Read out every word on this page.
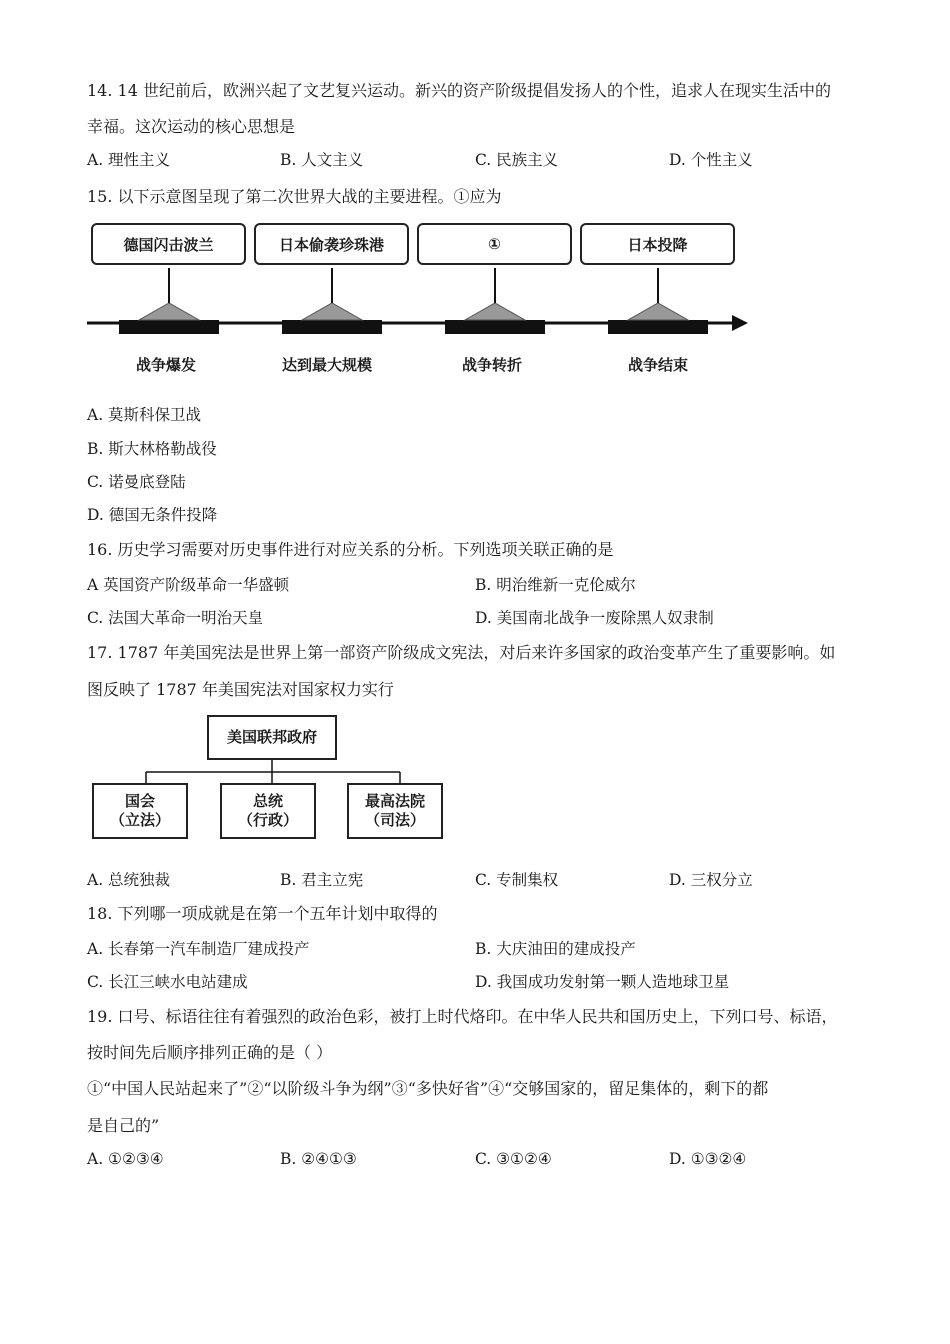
14. 14 世纪前后，欧洲兴起了文艺复兴运动。新兴的资产阶级提倡发扬人的个性，追求人在现实生活中的
幸福。这次运动的核心思想是
A. 理性主义	B. 人文主义	C. 民族主义	D. 个性主义
15. 以下示意图呈现了第二次世界大战的主要进程。①应为
德国闪击波兰	日本偷袭珍珠港	①	日本投降
战争爆发	达到最大规模	战争转折	战争结束
A. 莫斯科保卫战
B. 斯大林格勒战役
C. 诺曼底登陆
D. 德国无条件投降
16. 历史学习需要对历史事件进行对应关系的分析。下列选项关联正确的是
A 英国资产阶级革命一华盛顿	B. 明治维新一克伦威尔
C. 法国大革命一明治天皇	D. 美国南北战争一废除黑人奴隶制
17. 1787 年美国宪法是世界上第一部资产阶级成文宪法，对后来许多国家的政治变革产生了重要影响。如
图反映了 1787 年美国宪法对国家权力实行
美国联邦政府
国会
（立法）
总统
（行政）
最高法院
（司法）
A. 总统独裁	B. 君主立宪	C. 专制集权	D. 三权分立
18. 下列哪一项成就是在第一个五年计划中取得的
A. 长春第一汽车制造厂建成投产	B. 大庆油田的建成投产
C. 长江三峡水电站建成	D. 我国成功发射第一颗人造地球卫星
19. 口号、标语往往有着强烈的政治色彩，被打上时代烙印。在中华人民共和国历史上，下列口号、标语，
按时间先后顺序排列正确的是（ ）
①“中国人民站起来了”②“以阶级斗争为纲”③“多快好省”④“交够国家的，留足集体的，剩下的都
是自己的”
A. ①②③④	B. ②④①③	C. ③①②④	D. ①③②④
